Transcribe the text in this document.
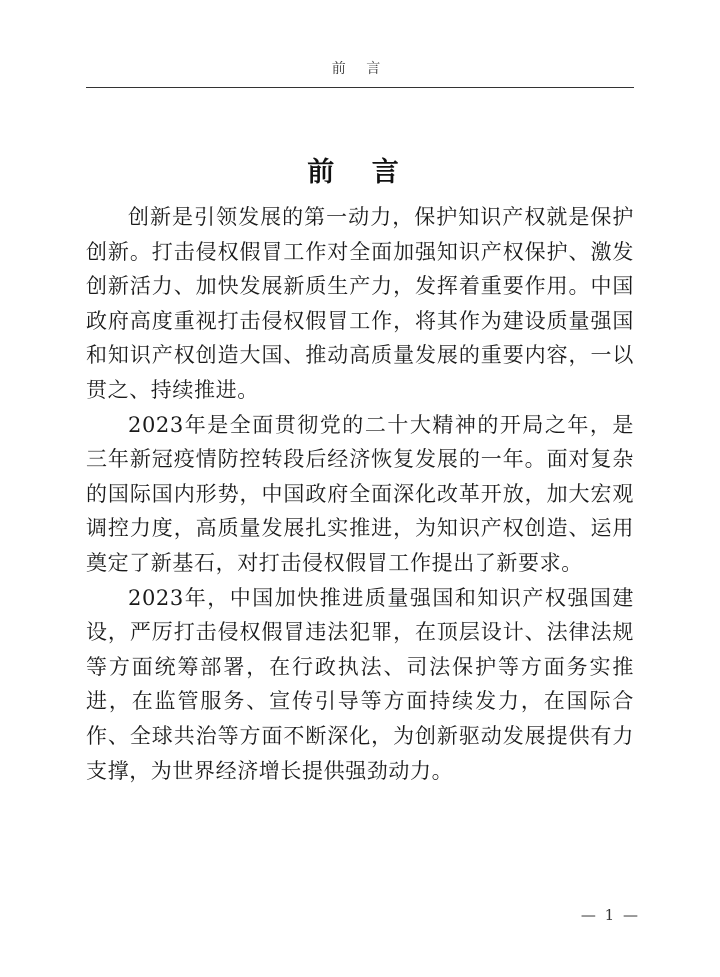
前 言
前 言

创新是引领发展的第一动力，保护知识产权就是保护创新。打击侵权假冒工作对全面加强知识产权保护、激发创新活力、加快发展新质生产力，发挥着重要作用。中国政府高度重视打击侵权假冒工作，将其作为建设质量强国和知识产权创造大国、推动高质量发展的重要内容，一以贯之、持续推进。

2023年是全面贯彻党的二十大精神的开局之年，是三年新冠疫情防控转段后经济恢复发展的一年。面对复杂的国际国内形势，中国政府全面深化改革开放，加大宏观调控力度，高质量发展扎实推进，为知识产权创造、运用奠定了新基石，对打击侵权假冒工作提出了新要求。

2023年，中国加快推进质量强国和知识产权强国建设，严厉打击侵权假冒违法犯罪，在顶层设计、法律法规等方面统筹部署，在行政执法、司法保护等方面务实推进，在监管服务、宣传引导等方面持续发力，在国际合作、全球共治等方面不断深化，为创新驱动发展提供有力支撑，为世界经济增长提供强劲动力。

— 1 —
